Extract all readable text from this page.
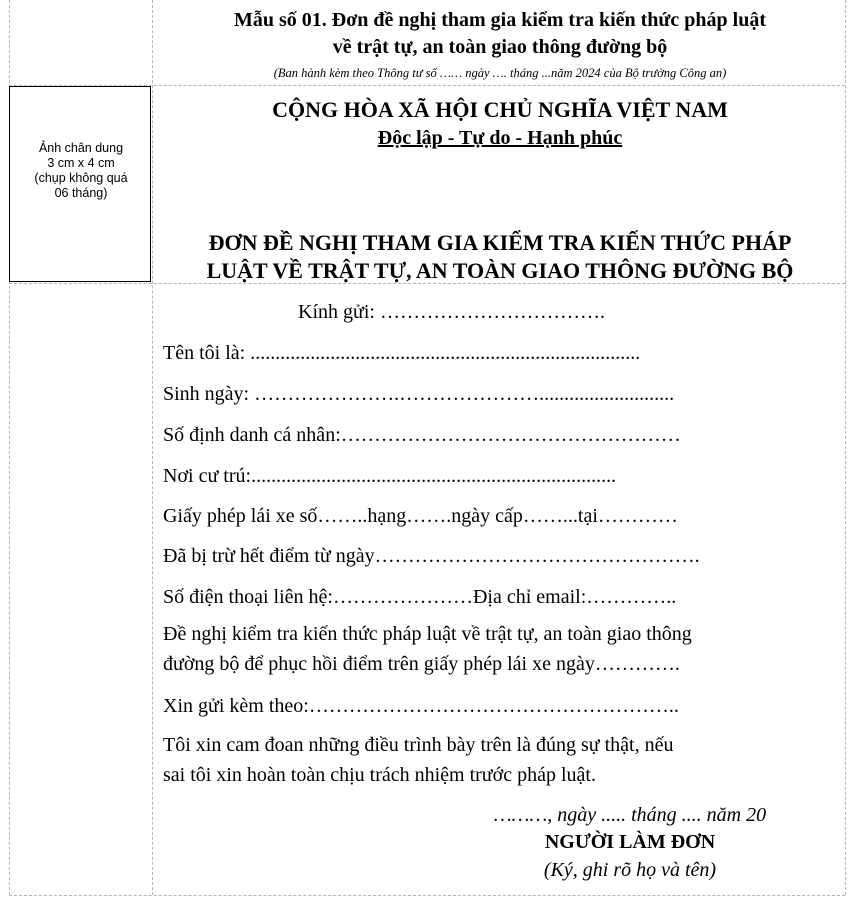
Mẫu số 01. Đơn đề nghị tham gia kiểm tra kiến thức pháp luật
về trật tự, an toàn giao thông đường bộ
(Ban hành kèm theo Thông tư số …… ngày …. tháng ...năm 2024 của Bộ trưởng Công an)
Ảnh chân dung
3 cm x 4 cm
(chụp không quá
06 tháng)
CỘNG HÒA XÃ HỘI CHỦ NGHĨA VIỆT NAM
Độc lập - Tự do - Hạnh phúc
ĐƠN ĐỀ NGHỊ THAM GIA KIỂM TRA KIẾN THỨC PHÁP
LUẬT VỀ TRẬT TỰ, AN TOÀN GIAO THÔNG ĐƯỜNG BỘ
Kính gửi: …………………………….
Tên tôi là: ..............................................................................
Sinh ngày: ………………….…………………...........................
Số định danh cá nhân:……………………………………………
Nơi cư trú:.........................................................................
Giấy phép lái xe số……..hạng…….ngày cấp……...tại…………
Đã bị trừ hết điểm từ ngày………………………………………….
Số điện thoại liên hệ:…………………Địa chỉ email:…………..
Đề nghị kiểm tra kiến thức pháp luật về trật tự, an toàn giao thông
đường bộ để phục hồi điểm trên giấy phép lái xe ngày………….
Xin gửi kèm theo:………………………………………………..
Tôi xin cam đoan những điều trình bày trên là đúng sự thật, nếu
sai tôi xin hoàn toàn chịu trách nhiệm trước pháp luật.
………, ngày ..... tháng .... năm 20
NGƯỜI LÀM ĐƠN
(Ký, ghi rõ họ và tên)
